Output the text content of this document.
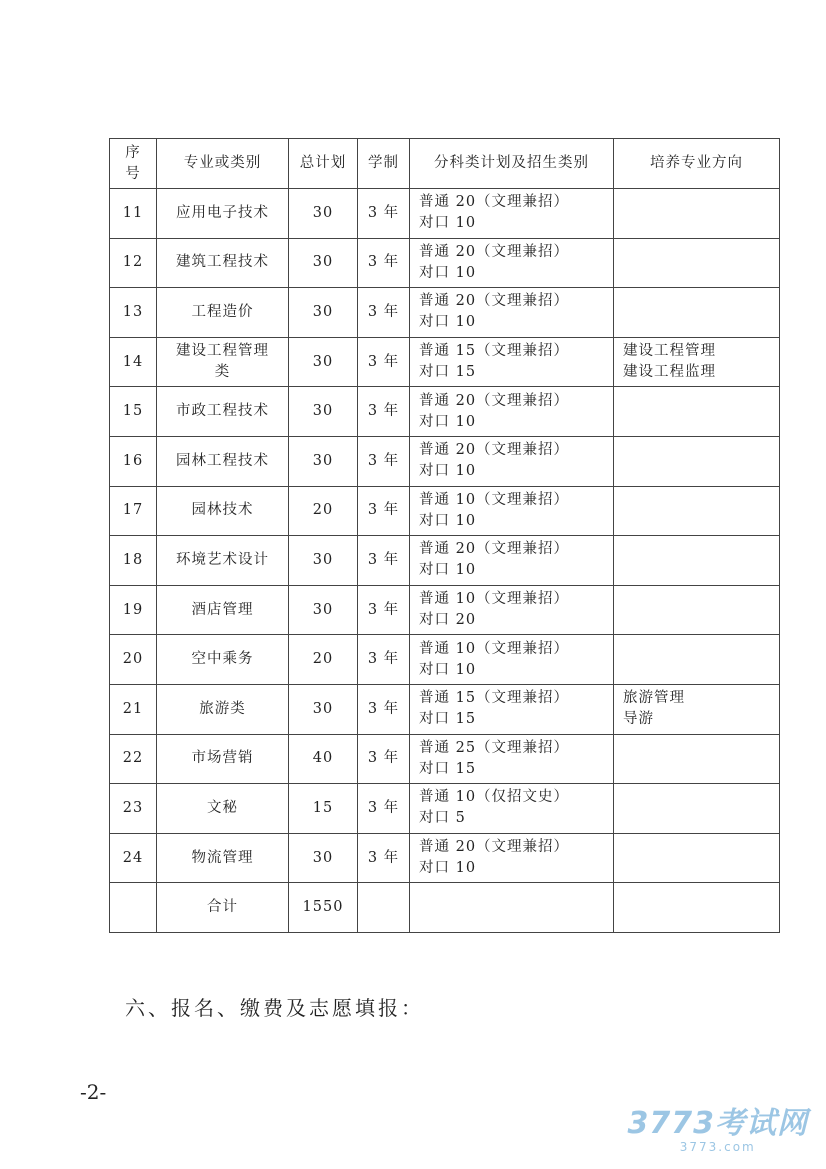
序
号	专业或类别	总计划	学制	分科类计划及招生类别	培养专业方向
11	应用电子技术	30	3 年	普通 20（文理兼招）
对口 10	

12	建筑工程技术	30	3 年	普通 20（文理兼招）
对口 10	

13	工程造价	30	3 年	普通 20（文理兼招）
对口 10	

14	建设工程管理
类	30	3 年	普通 15（文理兼招）
对口 15	建设工程管理
建设工程监理

15	市政工程技术	30	3 年	普通 20（文理兼招）
对口 10	

16	园林工程技术	30	3 年	普通 20（文理兼招）
对口 10	

17	园林技术	20	3 年	普通 10（文理兼招）
对口 10	

18	环境艺术设计	30	3 年	普通 20（文理兼招）
对口 10	

19	酒店管理	30	3 年	普通 10（文理兼招）
对口 20	

20	空中乘务	20	3 年	普通 10（文理兼招）
对口 10	

21	旅游类	30	3 年	普通 15（文理兼招）
对口 15	旅游管理
导游

22	市场营销	40	3 年	普通 25（文理兼招）
对口 15	

23	文秘	15	3 年	普通 10（仅招文史）
对口 5	

24	物流管理	30	3 年	普通 20（文理兼招）
对口 10	

	合计	1550			
六、报名、缴费及志愿填报：
-2-
3773考试网
3773.com
